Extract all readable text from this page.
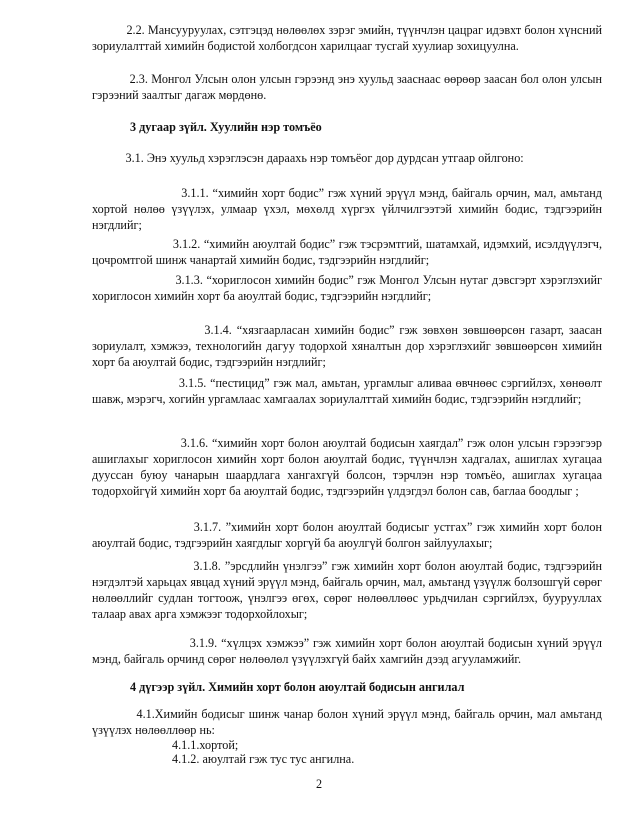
2.2. Мансууруулах, сэтгэцэд нөлөөлөх зэрэг эмийн, түүнчлэн цацраг идэвхт болон хүнсний зориулалттай химийн бодистой холбогдсон харилцааг тусгай хуулиар зохицуулна.

2.3. Монгол Улсын олон улсын гэрээнд энэ хуульд зааснаас өөрөөр заасан бол олон улсын гэрээний заалтыг дагаж мөрдөнө.

3 дугаар зүйл. Хуулийн нэр томъёо

3.1. Энэ хуульд хэрэглэсэн дараахь нэр томъёог дор дурдсан утгаар ойлгоно:

3.1.1. “химийн хорт бодис” гэж хүний эрүүл мэнд, байгаль орчин, мал, амьтанд хортой нөлөө үзүүлэх, улмаар үхэл, мөхөлд хүргэх үйлчилгээтэй химийн бодис, тэдгээрийн нэгдлийг;

3.1.2. “химийн аюултай бодис” гэж тэсрэмтгий, шатамхай, идэмхий, исэлдүүлэгч, цочромтгой шинж чанартай химийн бодис, тэдгээрийн нэгдлийг;

3.1.3. “хориглосон химийн бодис” гэж Монгол Улсын нутаг дэвсгэрт хэрэглэхийг хориглосон химийн хорт ба аюултай бодис, тэдгээрийн нэгдлийг;

3.1.4. “хязгаарласан химийн бодис” гэж зөвхөн зөвшөөрсөн газарт, заасан зориулалт, хэмжээ, технологийн дагуу тодорхой хяналтын дор хэрэглэхийг зөвшөөрсөн химийн хорт ба аюултай бодис, тэдгээрийн нэгдлийг;

3.1.5. “пестицид” гэж мал, амьтан, ургамлыг аливаа өвчнөөс сэргийлэх, хөнөөлт шавж, мэрэгч, хогийн ургамлаас хамгаалах зориулалттай химийн бодис, тэдгээрийн нэгдлийг;

3.1.6. “химийн хорт болон аюултай бодисын хаягдал” гэж олон улсын гэрээгээр ашиглахыг хориглосон химийн хорт болон аюултай бодис, түүнчлэн хадгалах, ашиглах хугацаа дууссан буюу чанарын шаардлага хангахгүй болсон, тэрчлэн нэр томъёо, ашиглах хугацаа тодорхойгүй химийн хорт ба аюултай бодис, тэдгээрийн үлдэгдэл болон сав, баглаа боодлыг ;

3.1.7. ”химийн хорт болон аюултай бодисыг устгах” гэж химийн хорт болон аюултай бодис, тэдгээрийн хаягдлыг хоргүй ба аюулгүй болгон зайлуулахыг;

3.1.8. ”эрсдлийн үнэлгээ” гэж химийн хорт болон аюултай бодис, тэдгээрийн нэгдэлтэй харьцах явцад хүний эрүүл мэнд, байгаль орчин, мал, амьтанд үзүүлж болзошгүй сөрөг нөлөөллийг судлан тогтоож, үнэлгээ өгөх, сөрөг нөлөөллөөс урьдчилан сэргийлэх, буурууллах талаар авах арга хэмжээг тодорхойлохыг;

3.1.9. “хүлцэх хэмжээ” гэж химийн хорт болон аюултай бодисын хүний эрүүл мэнд, байгаль орчинд сөрөг нөлөөлөл үзүүлэхгүй байх хамгийн дээд агууламжийг.

4 дүгээр зүйл. Химийн хорт болон аюултай бодисын ангилал

4.1.Химийн бодисыг шинж чанар болон хүний эрүүл мэнд, байгаль орчин, мал амьтанд үзүүлэх нөлөөллөөр нь:

4.1.1.хортой;

4.1.2. аюултай гэж тус тус ангилна.

2
